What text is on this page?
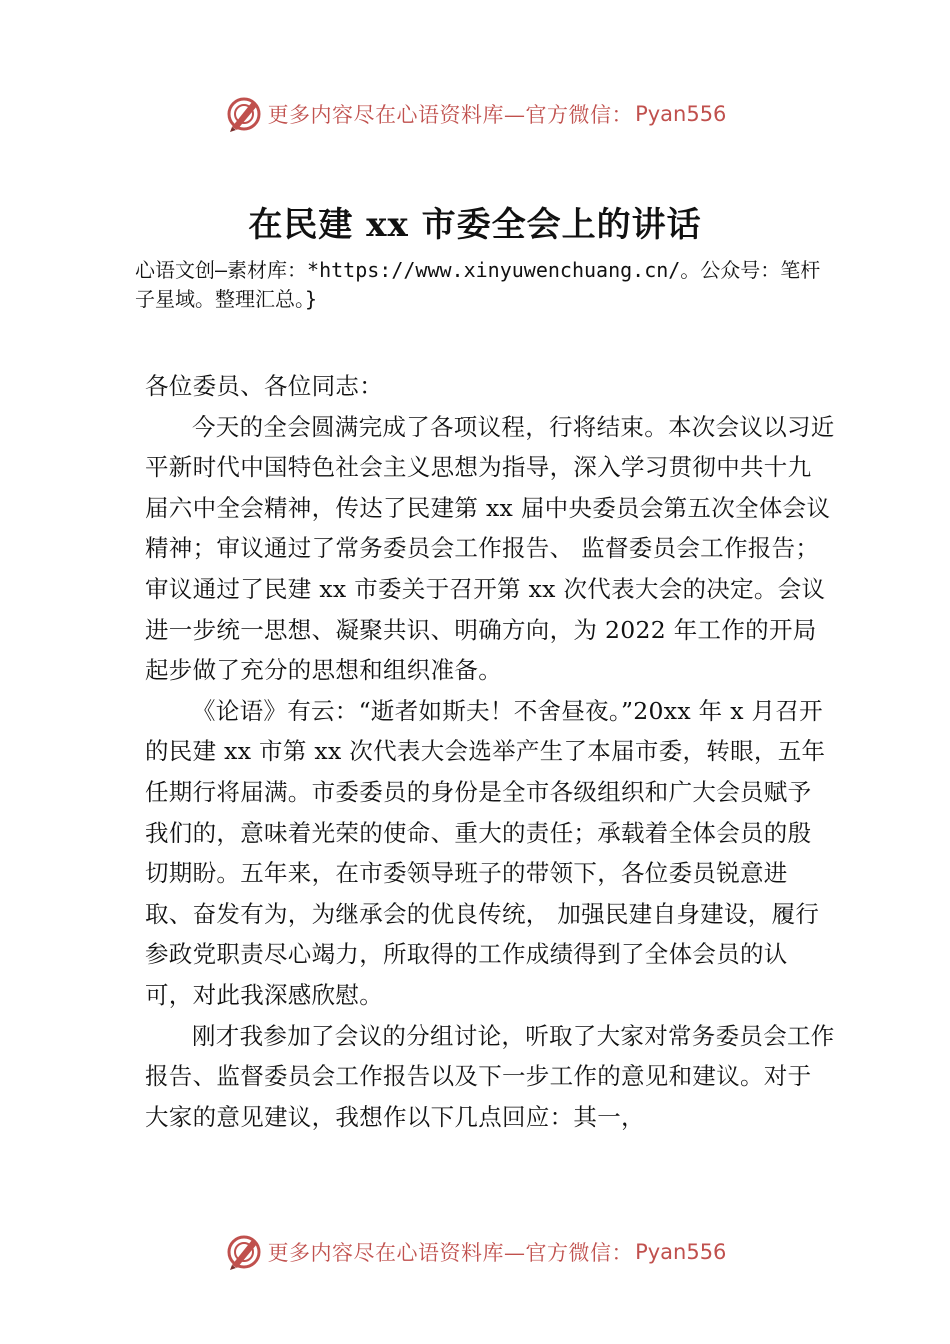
更多内容尽在心语资料库—官方微信： Pyan556
在民建 xx 市委全会上的讲话

心语文创—素材库：*https://www.xinyuwenchuang.cn/。公众号：笔杆子星域。整理汇总。}

各位委员、各位同志：

今天的全会圆满完成了各项议程，行将结束。本次会议以习近平新时代中国特色社会主义思想为指导，深入学习贯彻中共十九届六中全会精神，传达了民建第 xx 届中央委员会第五次全体会议精神；审议通过了常务委员会工作报告、 监督委员会工作报告；审议通过了民建 xx 市委关于召开第 xx 次代表大会的决定。会议进一步统一思想、凝聚共识、明确方向，为 2022 年工作的开局起步做了充分的思想和组织准备。

《论语》有云：“逝者如斯夫！不舍昼夜。”20xx 年 x 月召开的民建 xx 市第 xx 次代表大会选举产生了本届市委，转眼，五年任期行将届满。市委委员的身份是全市各级组织和广大会员赋予我们的，意味着光荣的使命、重大的责任；承载着全体会员的殷切期盼。五年来，在市委领导班子的带领下，各位委员锐意进取、奋发有为，为继承会的优良传统， 加强民建自身建设，履行参政党职责尽心竭力，所取得的工作成绩得到了全体会员的认可，对此我深感欣慰。

刚才我参加了会议的分组讨论，听取了大家对常务委员会工作报告、监督委员会工作报告以及下一步工作的意见和建议。对于大家的意见建议，我想作以下几点回应：其一，

更多内容尽在心语资料库—官方微信： Pyan556
